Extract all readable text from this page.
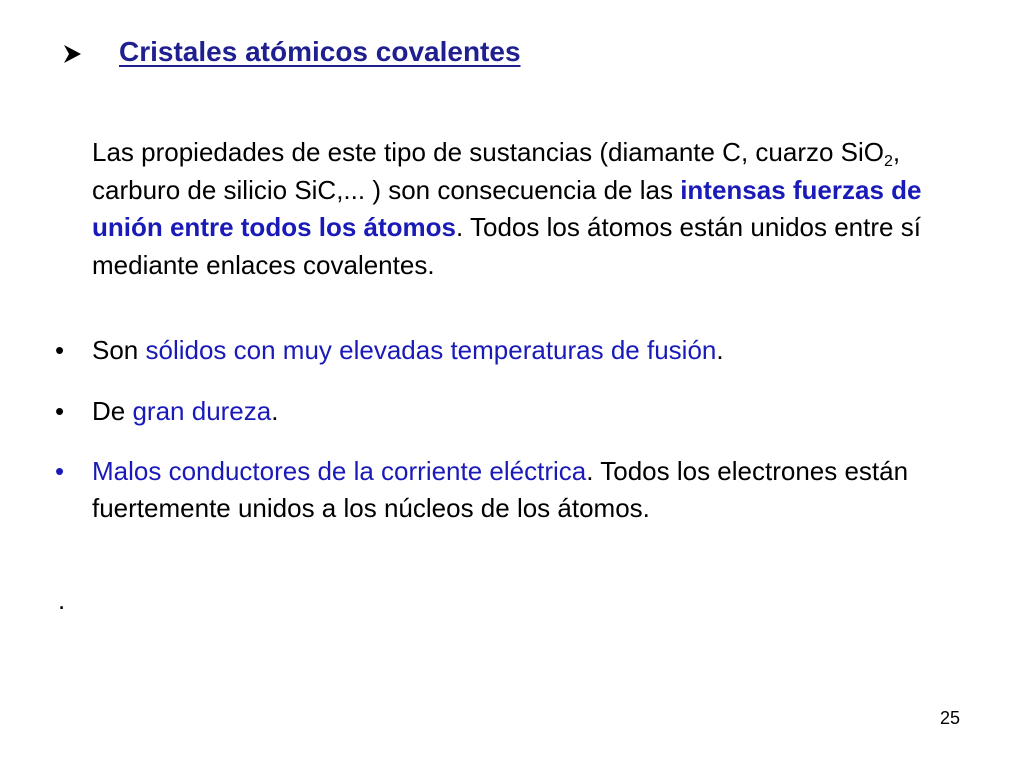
Cristales atómicos covalentes
Las propiedades de este tipo de sustancias (diamante C, cuarzo SiO$_2$, carburo de silicio SiC,... ) son consecuencia de las intensas fuerzas de unión entre todos los átomos. Todos los átomos están unidos entre sí mediante enlaces covalentes.
•	Son sólidos con muy elevadas temperaturas de fusión.
•	De gran dureza.
•	Malos conductores de la corriente eléctrica. Todos los electrones están fuertemente unidos a los núcleos de los átomos.
.
25
